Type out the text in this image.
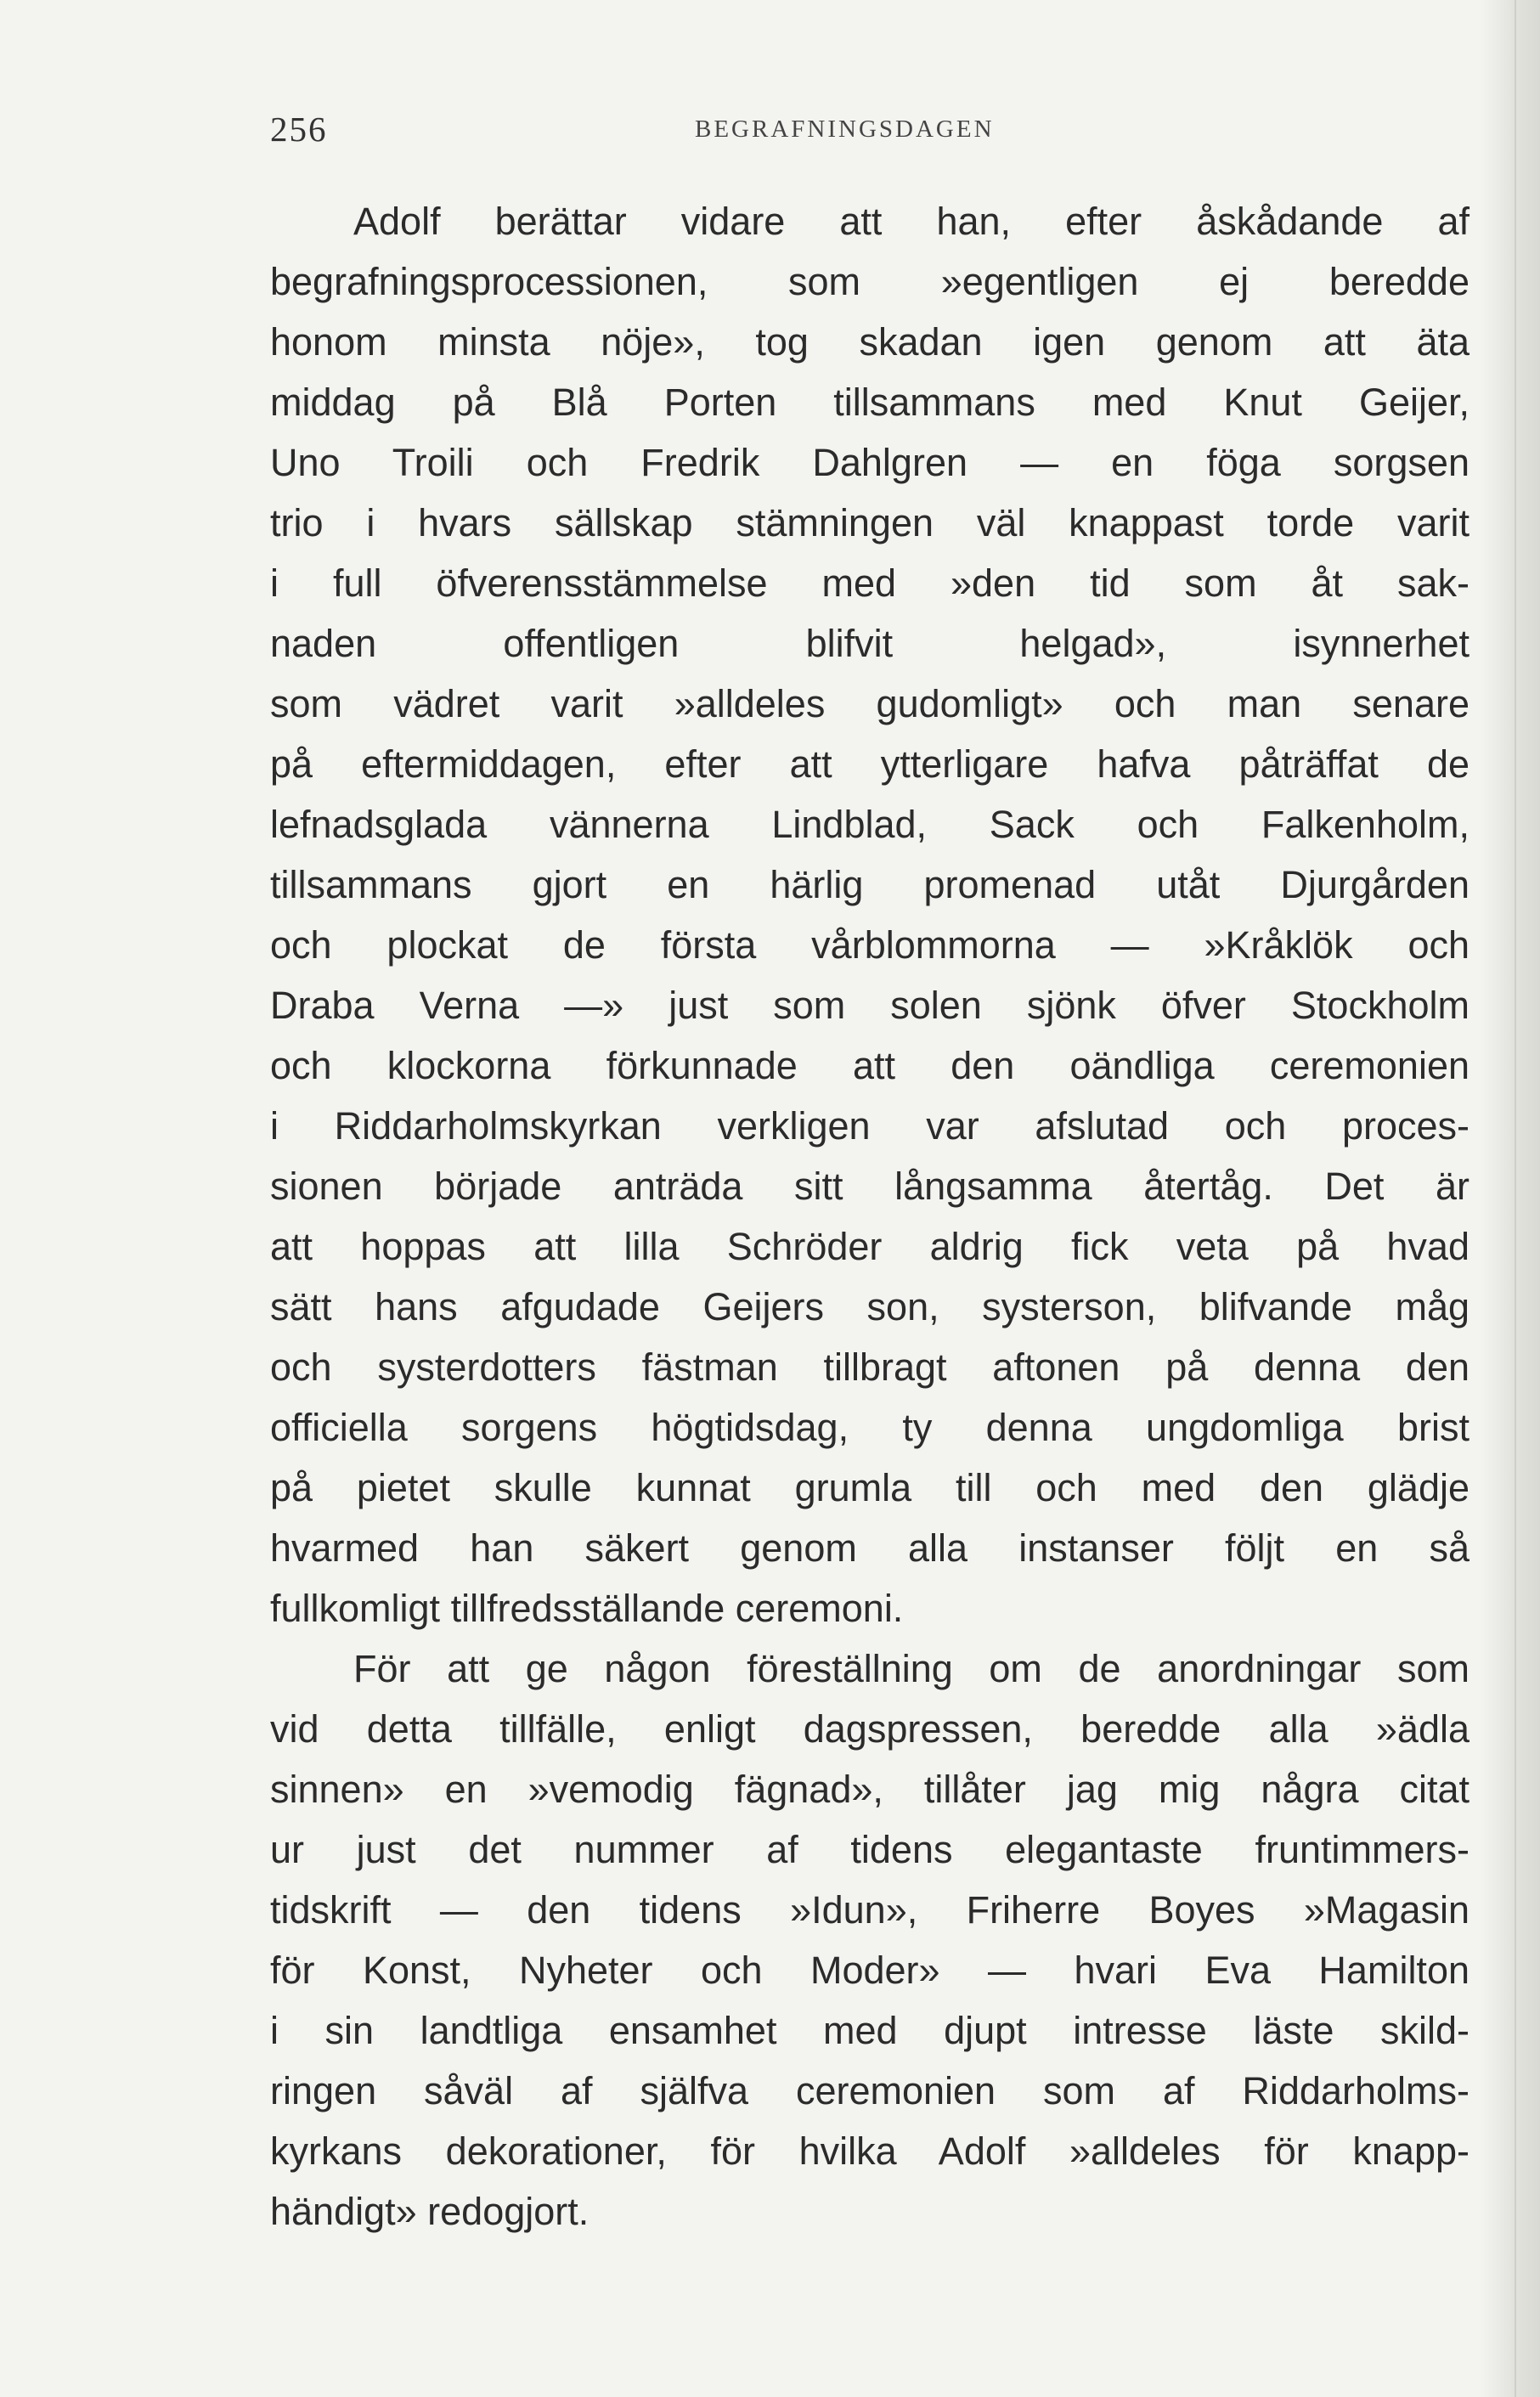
256	BEGRAFNINGSDAGEN
Adolf berättar vidare att han, efter åskådande af
begrafningsprocessionen, som »egentligen ej beredde
honom minsta nöje», tog skadan igen genom att äta
middag på Blå Porten tillsammans med Knut Geijer,
Uno Troili och Fredrik Dahlgren — en föga sorgsen
trio i hvars sällskap stämningen väl knappast torde varit
i full öfverensstämmelse med »den tid som åt sak-
naden offentligen blifvit helgad», isynnerhet
som vädret varit »alldeles gudomligt» och man senare
på eftermiddagen, efter att ytterligare hafva påträffat de
lefnadsglada vännerna Lindblad, Sack och Falkenholm,
tillsammans gjort en härlig promenad utåt Djurgården
och plockat de första vårblommorna — »Kråklök och
Draba Verna —» just som solen sjönk öfver Stockholm
och klockorna förkunnade att den oändliga ceremonien
i Riddarholmskyrkan verkligen var afslutad och proces-
sionen började anträda sitt långsamma återtåg. Det är
att hoppas att lilla Schröder aldrig fick veta på hvad
sätt hans afgudade Geijers son, systerson, blifvande måg
och systerdotters fästman tillbragt aftonen på denna den
officiella sorgens högtidsdag, ty denna ungdomliga brist
på pietet skulle kunnat grumla till och med den glädje
hvarmed han säkert genom alla instanser följt en så
fullkomligt tillfredsställande ceremoni.
För att ge någon föreställning om de anordningar som
vid detta tillfälle, enligt dagspressen, beredde alla »ädla
sinnen» en »vemodig fägnad», tillåter jag mig några citat
ur just det nummer af tidens elegantaste fruntimmers-
tidskrift — den tidens »Idun», Friherre Boyes »Magasin
för Konst, Nyheter och Moder» — hvari Eva Hamilton
i sin landtliga ensamhet med djupt intresse läste skild-
ringen såväl af själfva ceremonien som af Riddarholms-
kyrkans dekorationer, för hvilka Adolf »alldeles för knapp-
händigt» redogjort.
